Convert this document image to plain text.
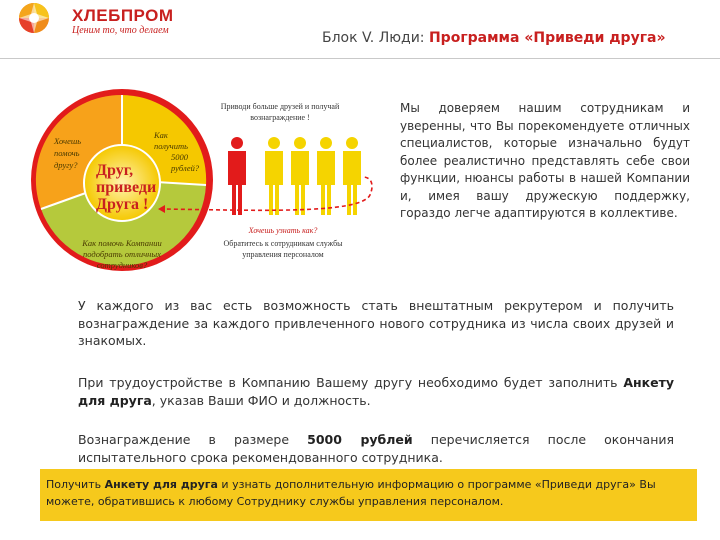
ХЛЕБПРОМ
Ценим то, что делаем	Блок V. Люди: Программа «Приведи друга»
Хочешь
помочь
другу?
Как
получить
5000
рублей?
Как помочь Компании
подобрать отличных
сотрудников?
Друг,
приведи
Друга !
Приводи больше друзей и получай
вознаграждение !
Хочешь узнать как?
Обратитесь к сотрудникам службы
управления персоналом
Мы доверяем нашим сотрудникам и уверенны, что Вы порекомендуете отличных специалистов, которые изначально будут более реалистично представлять себе свои функции, нюансы работы в нашей Компании и, имея вашу дружескую поддержку, гораздо легче адаптируются в коллективе.
У каждого из вас есть возможность стать внештатным рекрутером и получить вознаграждение за каждого привлеченного нового сотрудника из числа своих друзей и знакомых.
При трудоустройстве в Компанию Вашему другу необходимо будет заполнить Анкету для друга, указав Ваши ФИО и должность.
Вознаграждение в размере 5000 рублей перечисляется после окончания испытательного срока рекомендованного сотрудника.
Получить Анкету для друга и узнать дополнительную информацию о программе «Приведи друга» Вы можете, обратившись к любому Сотруднику службы управления персоналом.
